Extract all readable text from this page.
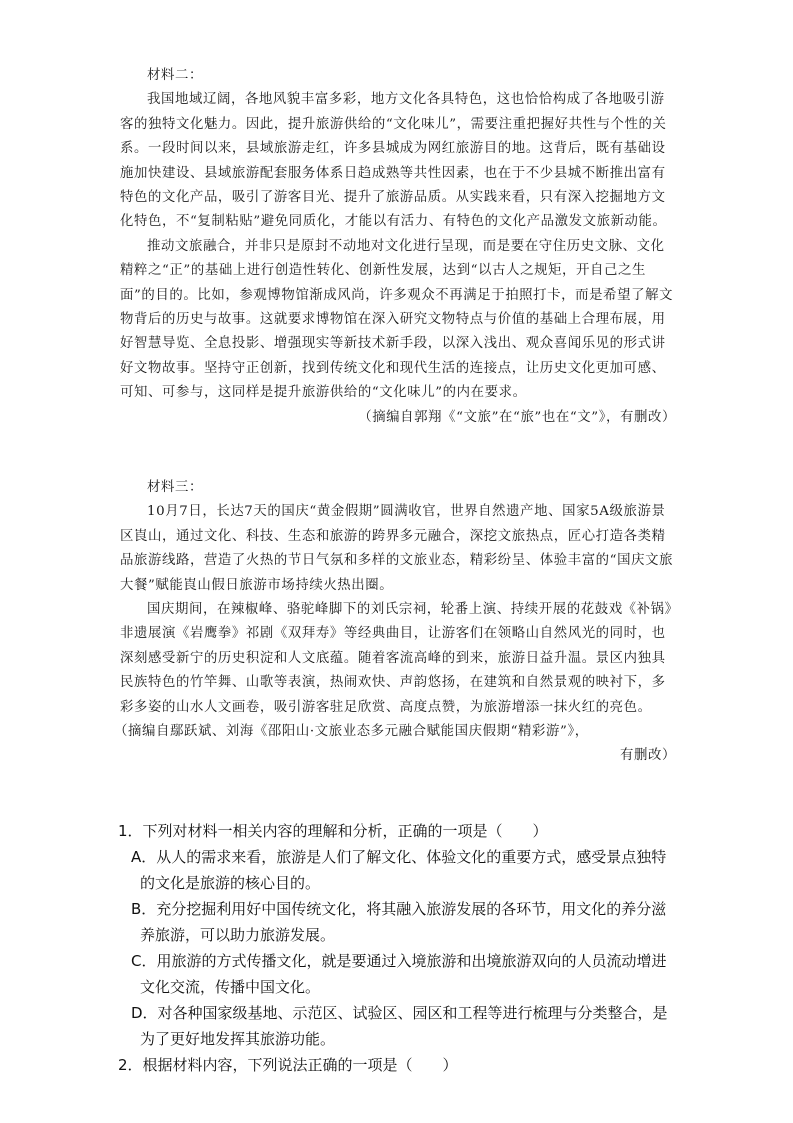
材料二：

我国地域辽阔，各地风貌丰富多彩，地方文化各具特色，这也恰恰构成了各地吸引游客的独特文化魅力。因此，提升旅游供给的“文化味儿”，需要注重把握好共性与个性的关系。一段时间以来，县域旅游走红，许多县城成为网红旅游目的地。这背后，既有基础设施加快建设、县域旅游配套服务体系日趋成熟等共性因素，也在于不少县城不断推出富有特色的文化产品，吸引了游客目光、提升了旅游品质。从实践来看，只有深入挖掘地方文化特色，不“复制粘贴”避免同质化，才能以有活力、有特色的文化产品激发文旅新动能。

推动文旅融合，并非只是原封不动地对文化进行呈现，而是要在守住历史文脉、文化精粹之“正”的基础上进行创造性转化、创新性发展，达到“以古人之规矩，开自己之生面”的目的。比如，参观博物馆渐成风尚，许多观众不再满足于拍照打卡，而是希望了解文物背后的历史与故事。这就要求博物馆在深入研究文物特点与价值的基础上合理布展，用好智慧导览、全息投影、增强现实等新技术新手段，以深入浅出、观众喜闻乐见的形式讲好文物故事。坚持守正创新，找到传统文化和现代生活的连接点，让历史文化更加可感、可知、可参与，这同样是提升旅游供给的“文化味儿”的内在要求。

（摘编自郭翔《“文旅”在“旅”也在“文”》，有删改）

材料三：

10月7日，长达7天的国庆“黄金假期”圆满收官，世界自然遗产地、国家5A级旅游景区崀山，通过文化、科技、生态和旅游的跨界多元融合，深挖文旅热点，匠心打造各类精品旅游线路，营造了火热的节日气氛和多样的文旅业态，精彩纷呈、体验丰富的“国庆文旅大餐”赋能崀山假日旅游市场持续火热出圈。

国庆期间，在辣椒峰、骆驼峰脚下的刘氏宗祠，轮番上演、持续开展的花鼓戏《补锅》非遗展演《岩鹰拳》祁剧《双拜寿》等经典曲目，让游客们在领略山自然风光的同时，也深刻感受新宁的历史积淀和人文底蕴。随着客流高峰的到来，旅游日益升温。景区内独具民族特色的竹竿舞、山歌等表演，热闹欢快、声韵悠扬，在建筑和自然景观的映衬下，多彩多姿的山水人文画卷，吸引游客驻足欣赏、高度点赞，为旅游增添一抹火红的亮色。

（摘编自鄢跃斌、刘海《邵阳山·文旅业态多元融合赋能国庆假期“精彩游”》，

有删改）

1．下列对材料一相关内容的理解和分析，正确的一项是（　　）

A．从人的需求来看，旅游是人们了解文化、体验文化的重要方式，感受景点独特的文化是旅游的核心目的。

B．充分挖掘利用好中国传统文化，将其融入旅游发展的各环节，用文化的养分滋养旅游，可以助力旅游发展。

C．用旅游的方式传播文化，就是要通过入境旅游和出境旅游双向的人员流动增进文化交流，传播中国文化。

D．对各种国家级基地、示范区、试验区、园区和工程等进行梳理与分类整合，是为了更好地发挥其旅游功能。

2．根据材料内容，下列说法正确的一项是（　　）
